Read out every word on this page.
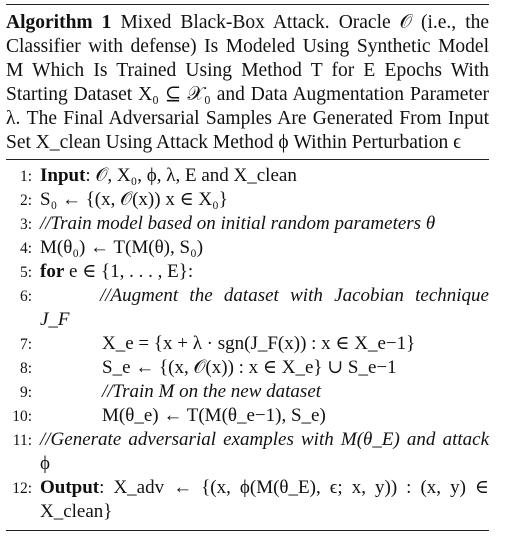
Algorithm 1 Mixed Black-Box Attack. Oracle 𝒪 (i.e., the
Classifier with defense) Is Modeled Using Synthetic Model
M Which Is Trained Using Method T for E Epochs With
Starting Dataset X₀ ⊆ 𝒳₀ and Data Augmentation Parameter
λ. The Final Adversarial Samples Are Generated From Input
Set X_clean Using Attack Method ϕ Within Perturbation ϵ
1: Input: 𝒪, X₀, ϕ, λ, E and X_clean
2: S₀ ← {(x, 𝒪(x)) x ∈ X₀}
3: //Train model based on initial random parameters θ
4: M(θ₀) ← T(M(θ), S₀)
5: for e ∈ {1, . . . , E}:
6:	//Augment the dataset with Jacobian technique
J_F
7:	X_e = {x + λ · sgn(J_F(x)) : x ∈ X_e−1}
8:	S_e ← {(x, 𝒪(x)) : x ∈ X_e} ∪ S_e−1
9:	//Train M on the new dataset
10:	M(θ_e) ← T(M(θ_e−1), S_e)
11: //Generate adversarial examples with M(θ_E) and attack
ϕ
12: Output: X_adv ← {(x, ϕ(M(θ_E), ϵ; x, y)) : (x, y) ∈
X_clean}
